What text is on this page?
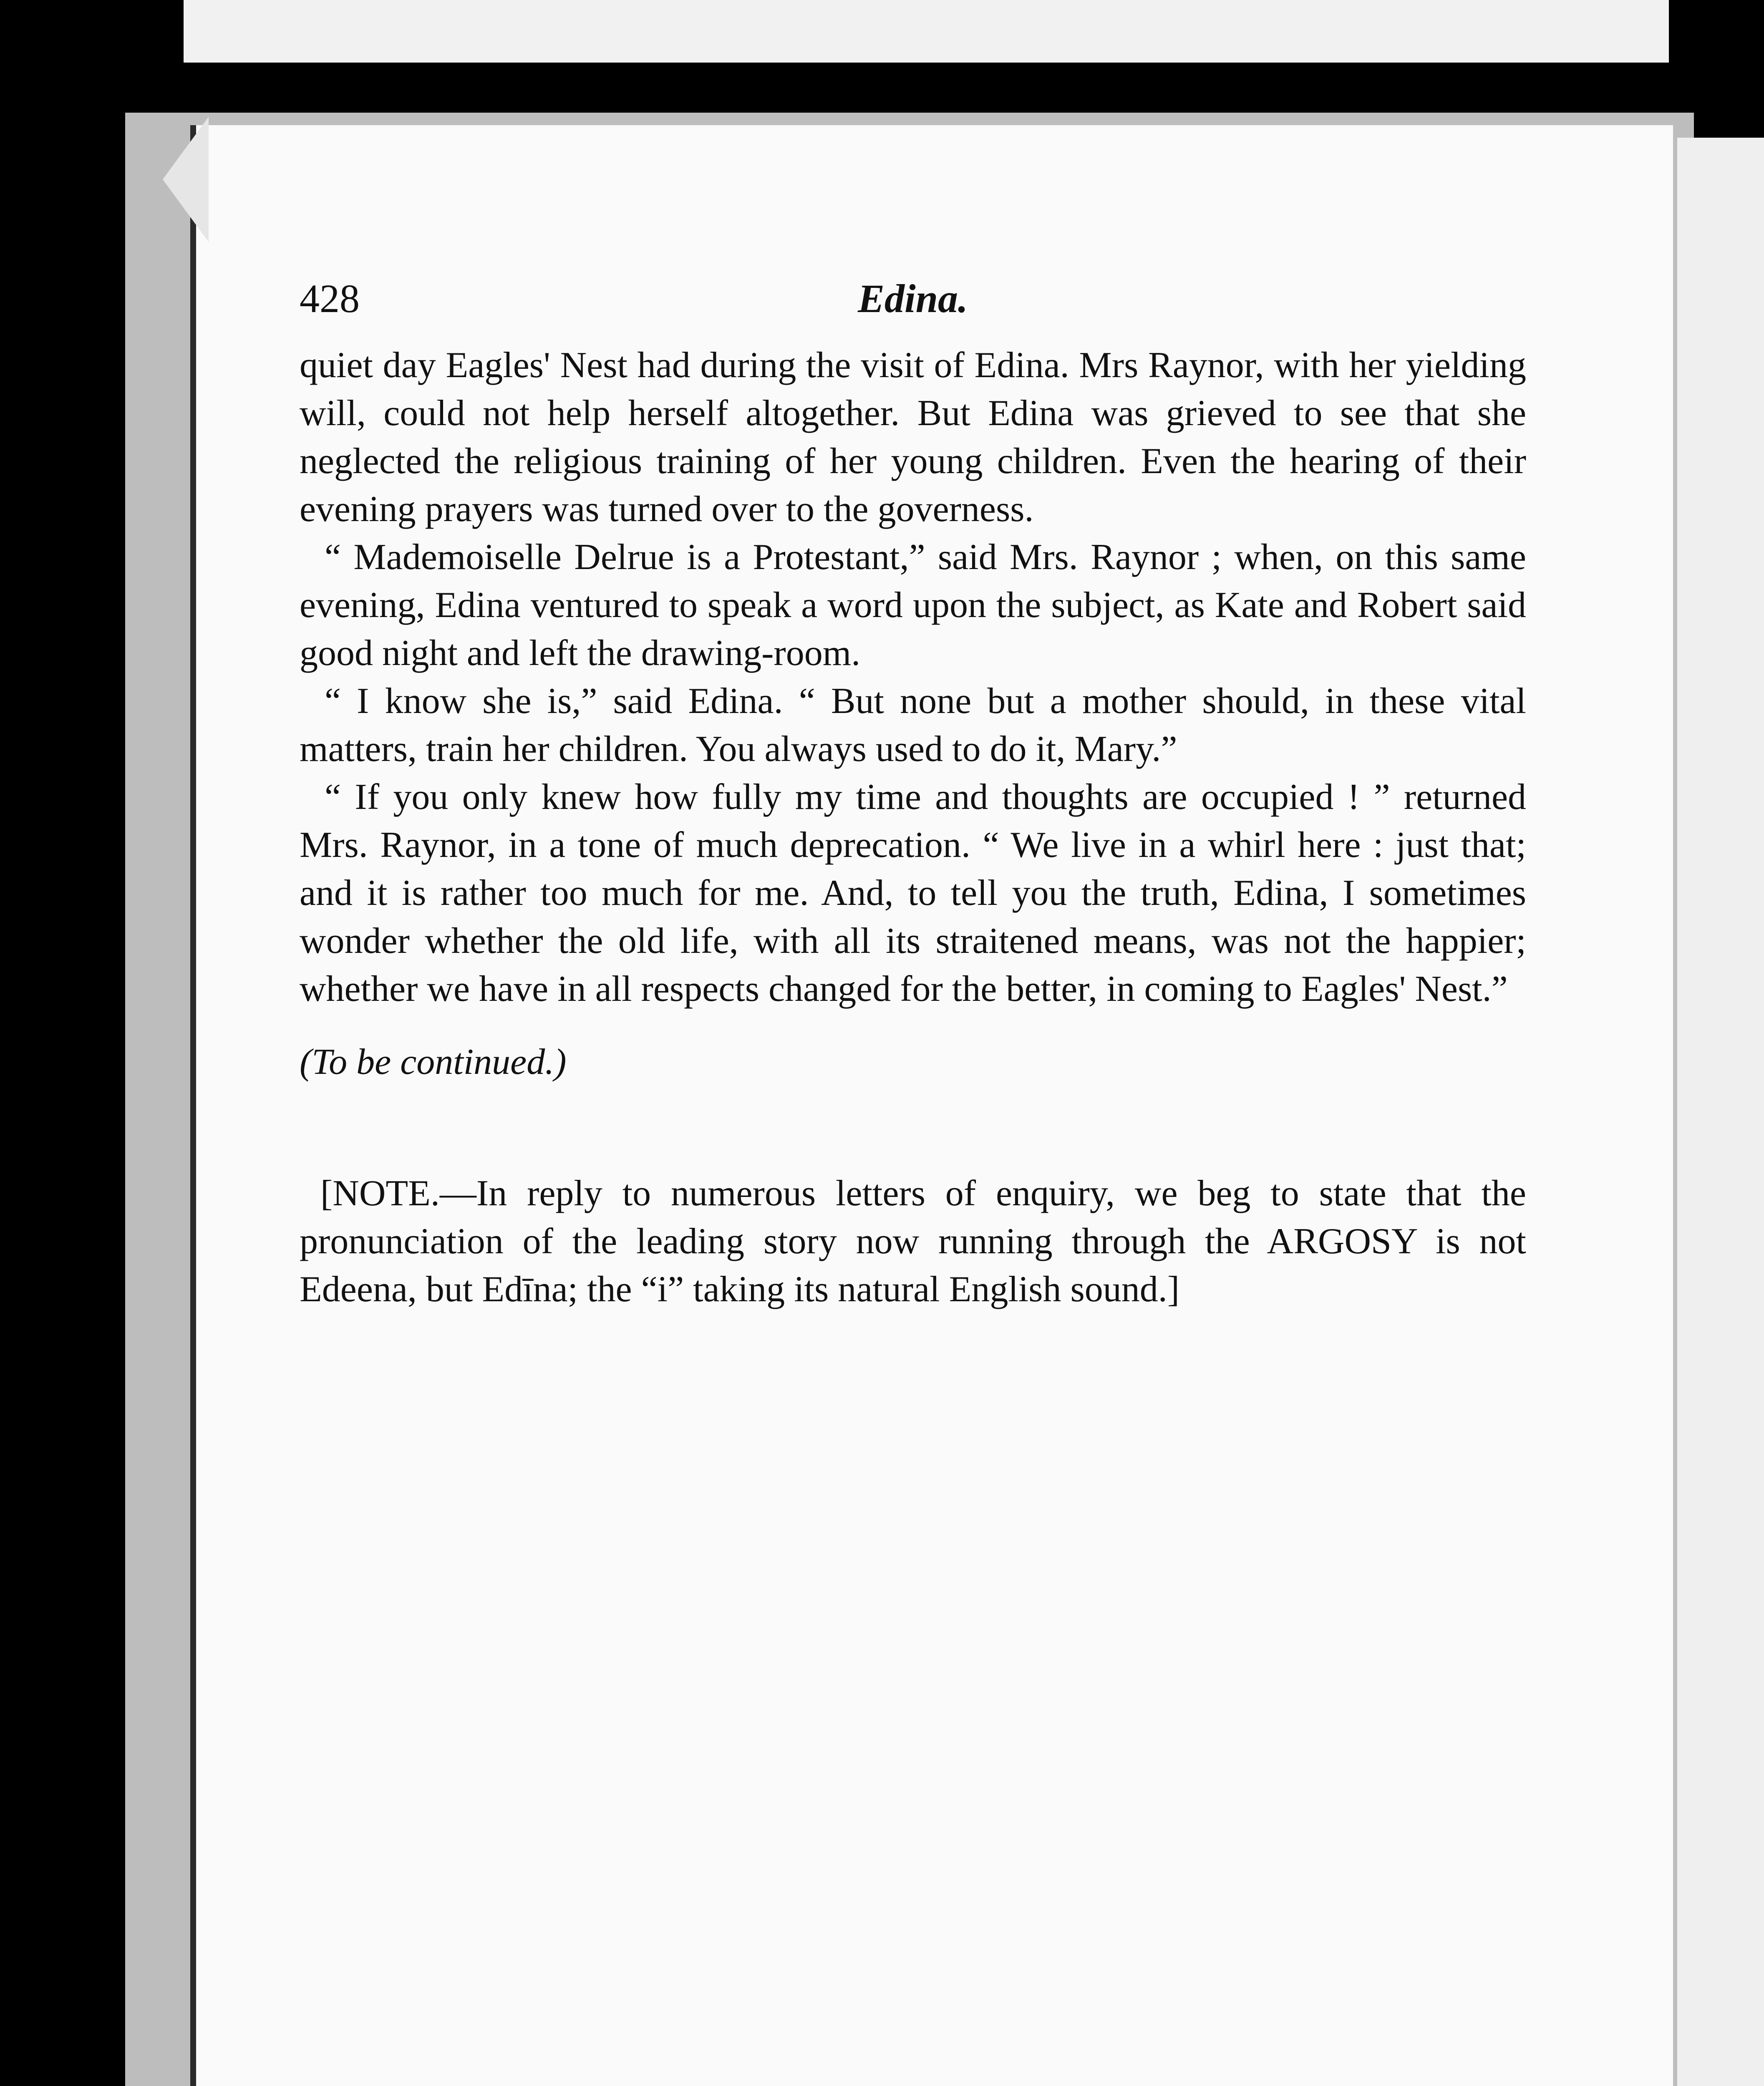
428	Edina.

quiet day Eagles' Nest had during the visit of Edina. Mrs Raynor, with her yielding will, could not help herself altogether. But Edina was grieved to see that she neglected the religious training of her young children. Even the hearing of their evening prayers was turned over to the governess.

“ Mademoiselle Delrue is a Protestant,” said Mrs. Raynor ; when, on this same evening, Edina ventured to speak a word upon the subject, as Kate and Robert said good night and left the drawing-room.

“ I know she is,” said Edina. “ But none but a mother should, in these vital matters, train her children. You always used to do it, Mary.”

“ If you only knew how fully my time and thoughts are occupied ! ” returned Mrs. Raynor, in a tone of much deprecation. “ We live in a whirl here : just that; and it is rather too much for me. And, to tell you the truth, Edina, I sometimes wonder whether the old life, with all its straitened means, was not the happier; whether we have in all respects changed for the better, in coming to Eagles' Nest.”

(To be continued.)

[NOTE.—In reply to numerous letters of enquiry, we beg to state that the pronunciation of the leading story now running through the ARGOSY is not Edeena, but Edīna; the “i” taking its natural English sound.]
